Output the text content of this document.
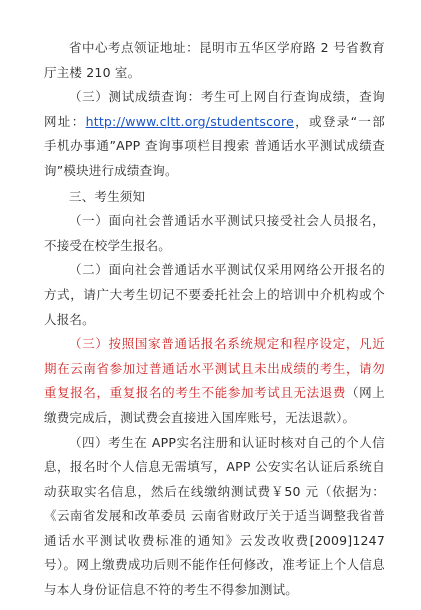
省中心考点领证地址：昆明市五华区学府路 2 号省教育厅主楼 210 室。

（三）测试成绩查询：考生可上网自行查询成绩，查询网址：http://www.cltt.org/studentscore，或登录“一部手机办事通”APP 查询事项栏目搜索 普通话水平测试成绩查询”模块进行成绩查询。

三、考生须知

（一）面向社会普通话水平测试只接受社会人员报名，不接受在校学生报名。

（二）面向社会普通话水平测试仅采用网络公开报名的方式，请广大考生切记不要委托社会上的培训中介机构或个人报名。

（三）按照国家普通话报名系统规定和程序设定，凡近期在云南省参加过普通话水平测试且未出成绩的考生，请勿重复报名，重复报名的考生不能参加考试且无法退费（网上缴费完成后，测试费会直接进入国库账号，无法退款）。

（四）考生在 APP实名注册和认证时核对自己的个人信息，报名时个人信息无需填写，APP 公安实名认证后系统自动获取实名信息，然后在线缴纳测试费￥50 元（依据为：《云南省发展和改革委员 云南省财政厅关于适当调整我省普通话水平测试收费标准的通知》云发改收费[2009]1247 号）。网上缴费成功后则不能作任何修改，准考证上个人信息与本人身份证信息不符的考生不得参加测试。
